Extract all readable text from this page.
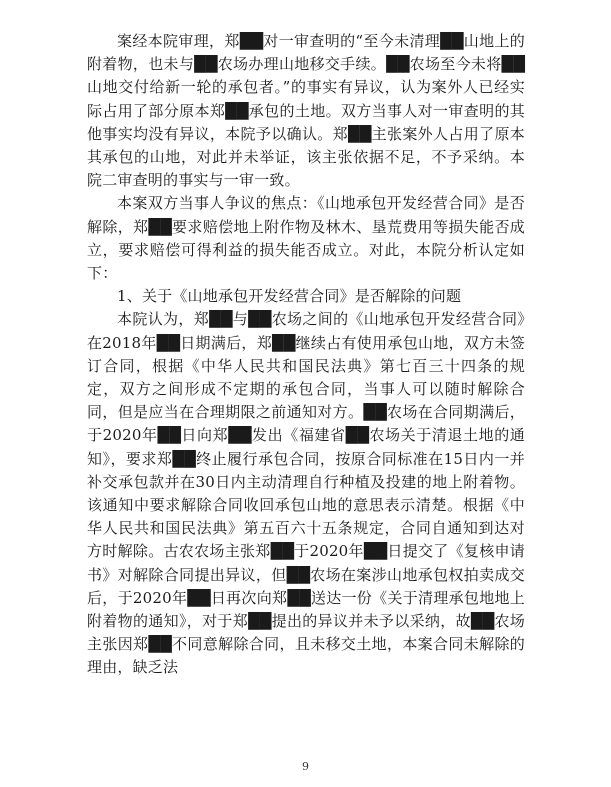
案经本院审理，郑██对一审查明的“至今未清理██山地上的附着物，也未与██农场办理山地移交手续。██农场至今未将██山地交付给新一轮的承包者。”的事实有异议，认为案外人已经实际占用了部分原本郑██承包的土地。双方当事人对一审查明的其他事实均没有异议，本院予以确认。郑██主张案外人占用了原本其承包的山地，对此并未举证，该主张依据不足，不予采纳。本院二审查明的事实与一审一致。

本案双方当事人争议的焦点：《山地承包开发经营合同》是否解除，郑██要求赔偿地上附作物及林木、垦荒费用等损失能否成立，要求赔偿可得利益的损失能否成立。对此，本院分析认定如下：

1、关于《山地承包开发经营合同》是否解除的问题

本院认为，郑██与██农场之间的《山地承包开发经营合同》在2018年██日期满后，郑██继续占有使用承包山地，双方未签订合同，根据《中华人民共和国民法典》第七百三十四条的规定，双方之间形成不定期的承包合同，当事人可以随时解除合同，但是应当在合理期限之前通知对方。██农场在合同期满后，于2020年██日向郑██发出《福建省██农场关于清退土地的通知》，要求郑██终止履行承包合同，按原合同标准在15日内一并补交承包款并在30日内主动清理自行种植及投建的地上附着物。该通知中要求解除合同收回承包山地的意思表示清楚。根据《中华人民共和国民法典》第五百六十五条规定，合同自通知到达对方时解除。古农农场主张郑██于2020年██日提交了《复核申请书》对解除合同提出异议，但██农场在案涉山地承包权拍卖成交后，于2020年██日再次向郑██送达一份《关于清理承包地地上附着物的通知》，对于郑██提出的异议并未予以采纳，故██农场主张因郑██不同意解除合同，且未移交土地，本案合同未解除的理由，缺乏法

9
